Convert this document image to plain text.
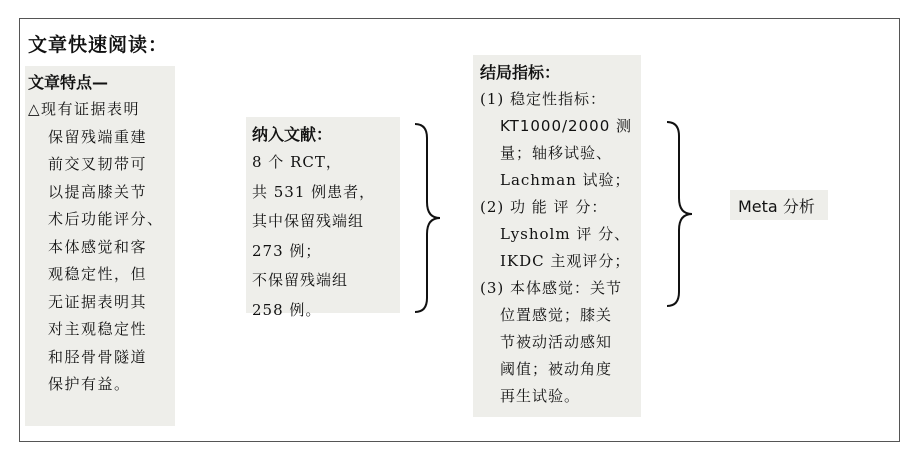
文章快速阅读：
文章特点—
△现有证据表明
保留残端重建
前交叉韧带可
以提高膝关节
术后功能评分、
本体感觉和客
观稳定性，但
无证据表明其
对主观稳定性
和胫骨骨隧道
保护有益。
纳入文献：
8 个 RCT，
共 531 例患者，
其中保留残端组
273 例；
不保留残端组
258 例。
结局指标：
(1) 稳定性指标：
KT1000/2000 测
量；轴移试验、
Lachman 试验；
(2) 功 能 评 分：
Lysholm 评 分、
IKDC 主观评分；
(3) 本体感觉：关节
位置感觉；膝关
节被动活动感知
阈值；被动角度
再生试验。
Meta 分析
